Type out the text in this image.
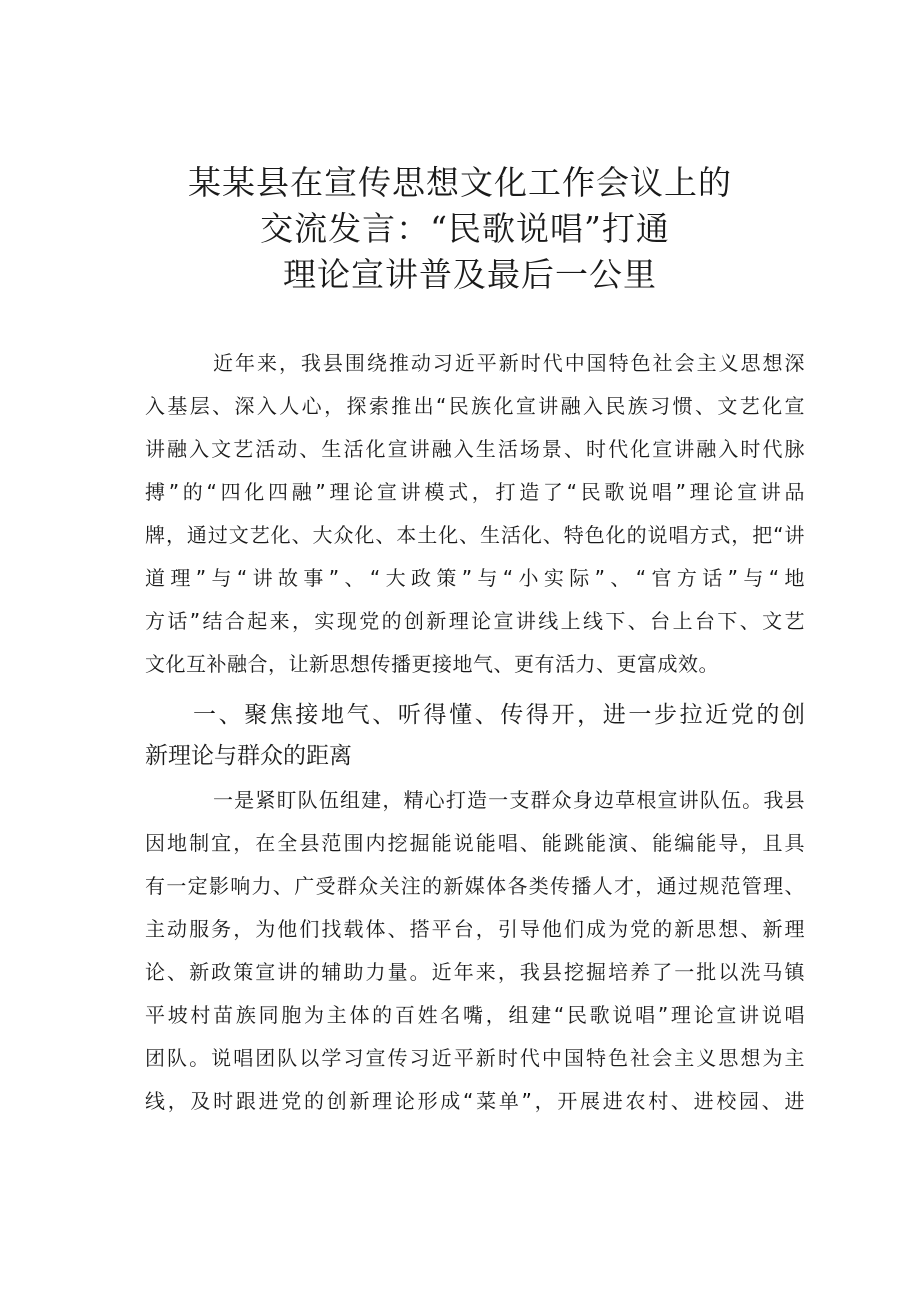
某某县在宣传思想文化工作会议上的
交流发言：“民歌说唱”打通
理论宣讲普及最后一公里
近年来，我县围绕推动习近平新时代中国特色社会主义思想深
入基层、深入人心，探索推出“民族化宣讲融入民族习惯、文艺化宣
讲融入文艺活动、生活化宣讲融入生活场景、时代化宣讲融入时代脉
搏”的“四化四融”理论宣讲模式，打造了“民歌说唱”理论宣讲品
牌，通过文艺化、大众化、本土化、生活化、特色化的说唱方式，把“讲
道理”与“讲故事”、“大政策”与“小实际”、“官方话”与“地
方话”结合起来，实现党的创新理论宣讲线上线下、台上台下、文艺
文化互补融合，让新思想传播更接地气、更有活力、更富成效。
一、聚焦接地气、听得懂、传得开，进一步拉近党的创
新理论与群众的距离
一是紧盯队伍组建，精心打造一支群众身边草根宣讲队伍。我县
因地制宜，在全县范围内挖掘能说能唱、能跳能演、能编能导，且具
有一定影响力、广受群众关注的新媒体各类传播人才，通过规范管理、
主动服务，为他们找载体、搭平台，引导他们成为党的新思想、新理
论、新政策宣讲的辅助力量。近年来，我县挖掘培养了一批以洗马镇
平坡村苗族同胞为主体的百姓名嘴，组建“民歌说唱”理论宣讲说唱
团队。说唱团队以学习宣传习近平新时代中国特色社会主义思想为主
线，及时跟进党的创新理论形成“菜单”，开展进农村、进校园、进
